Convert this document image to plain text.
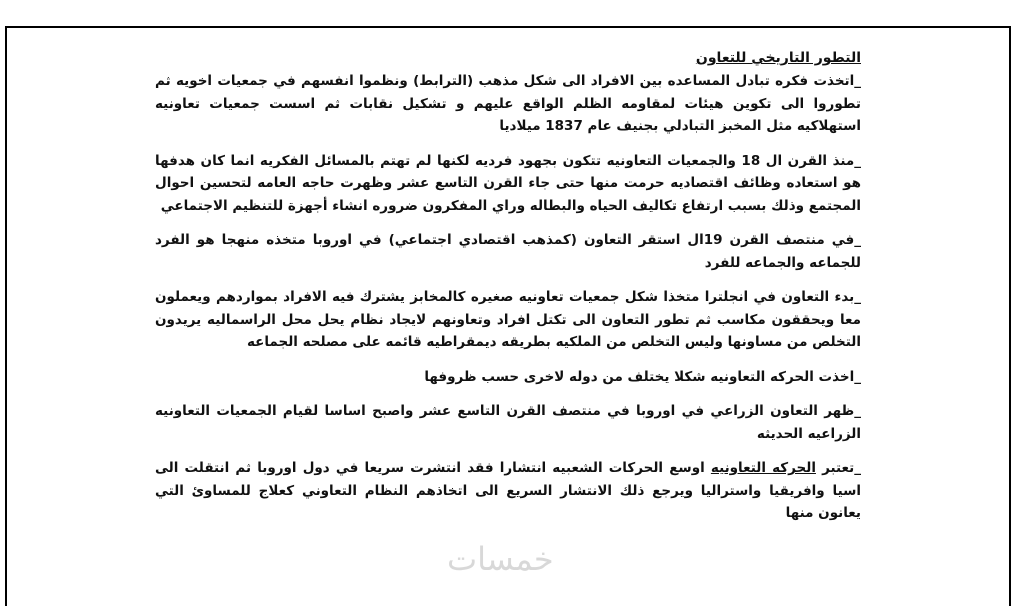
التطور التاريخي للتعاون

_اتخذت فكره تبادل المساعده بين الافراد الى شكل مذهب (الترابط) ونظموا انفسهم في جمعيات اخويه ثم تطوروا الى تكوين هيئات لمقاومه الظلم الواقع عليهم و تشكيل نقابات ثم اسست جمعيات تعاونيه استهلاكيه مثل المخبز التبادلي بجنيف عام 1837 ميلاديا

_منذ القرن ال 18 والجمعيات التعاونيه تتكون بجهود فرديه لكنها لم تهتم بالمسائل الفكريه انما كان هدفها هو استعاده وظائف اقتصاديه حرمت منها حتى جاء القرن التاسع عشر وظهرت حاجه العامه لتحسين احوال المجتمع وذلك بسبب ارتفاع تكاليف الحياه والبطاله وراي المفكرون ضروره انشاء أجهزة للتنظيم الاجتماعي

_في منتصف القرن 19ال استقر التعاون (كمذهب اقتصادي اجتماعي) في اوروبا متخذه منهجا هو الفرد للجماعه والجماعه للفرد

_بدء التعاون في انجلترا متخذا شكل جمعيات تعاونيه صغيره كالمخابز يشترك فيه الافراد بمواردهم ويعملون معا ويحققون مكاسب ثم تطور التعاون الى تكتل افراد وتعاونهم لايجاد نظام يحل محل الراسماليه يريدون التخلص من مساونها وليس التخلص من الملكيه بطريقه ديمقراطيه قائمه على مصلحه الجماعه

_اخذت الحركه التعاونيه شكلا يختلف من دوله لاخرى حسب ظروفها

_ظهر التعاون الزراعي في اوروبا في منتصف القرن التاسع عشر واصبح اساسا لقيام الجمعيات التعاونيه الزراعيه الحديثه

_تعتبر الحركه التعاونيه اوسع الحركات الشعبيه انتشارا فقد انتشرت سريعا في دول اوروبا ثم انتقلت الى اسيا وافريقيا واستراليا ويرجع ذلك الانتشار السريع الى اتخاذهم النظام التعاوني كعلاج للمساوئ التي يعانون منها

خمسات
